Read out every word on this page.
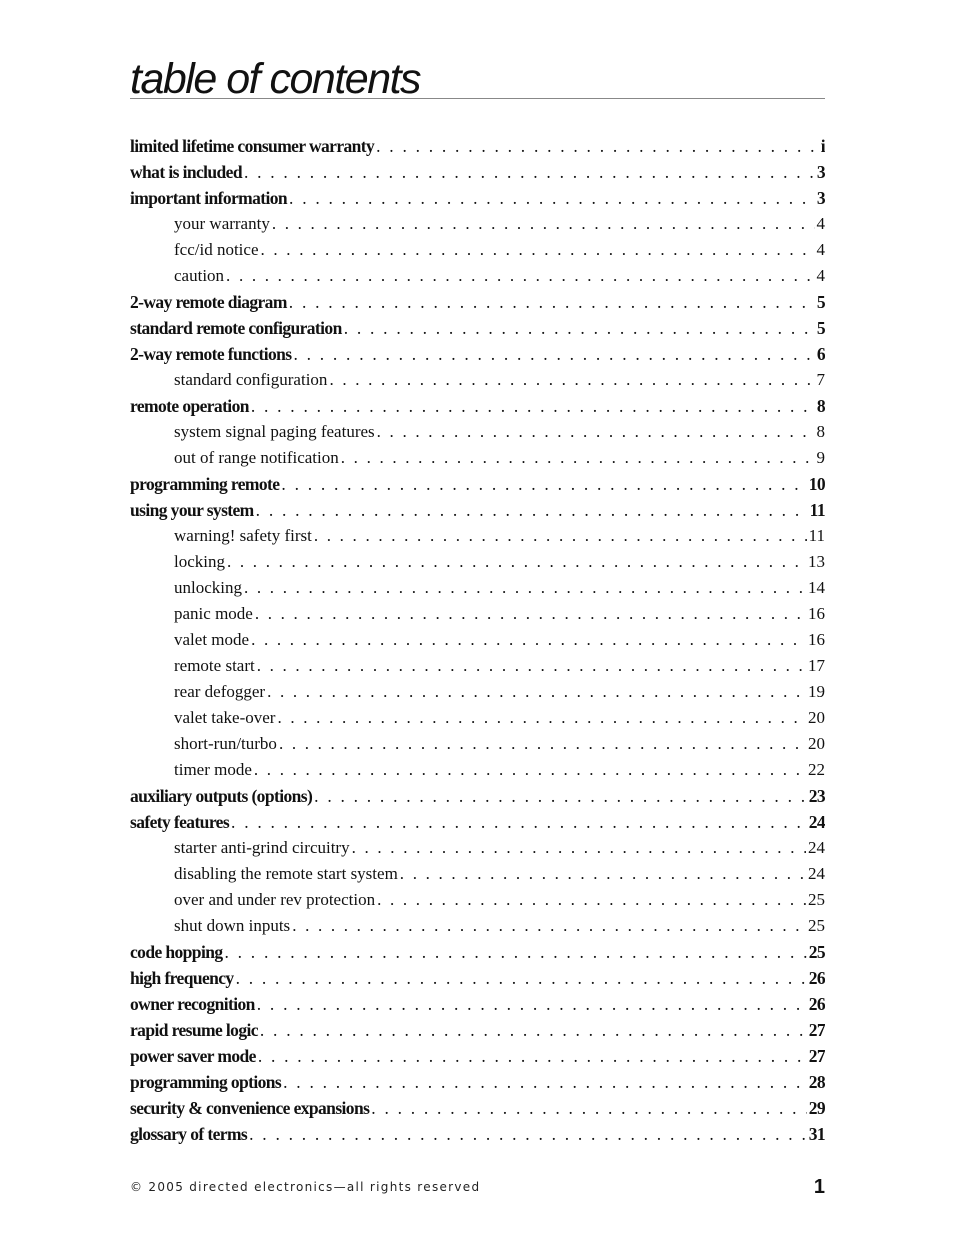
table of contents
limited lifetime consumer warranty . . .	i
what is included . . .	3
important information . . .	3
your warranty . . .	4
fcc/id notice . . .	4
caution . . .	4
2-way remote diagram . . .	5
standard remote configuration . . .	5
2-way remote functions . . .	6
standard configuration . . .	7
remote operation . . .	8
system signal paging features . . .	8
out of range notification . . .	9
programming remote . . .	10
using your system . . .	11
warning! safety first . . .	11
locking . . .	13
unlocking . . .	14
panic mode . . .	16
valet mode . . .	16
remote start . . .	17
rear defogger . . .	19
valet take-over . . .	20
short-run/turbo . . .	20
timer mode . . .	22
auxiliary outputs (options) . . .	23
safety features . . .	24
starter anti-grind circuitry . . .	24
disabling the remote start system . . .	24
over and under rev protection . . .	25
shut down inputs . . .	25
code hopping . . .	25
high frequency . . .	26
owner recognition . . .	26
rapid resume logic . . .	27
power saver mode . . .	27
programming options . . .	28
security & convenience expansions . . .	29
glossary of terms . . .	31
© 2005 directed electronics—all rights reserved	1
